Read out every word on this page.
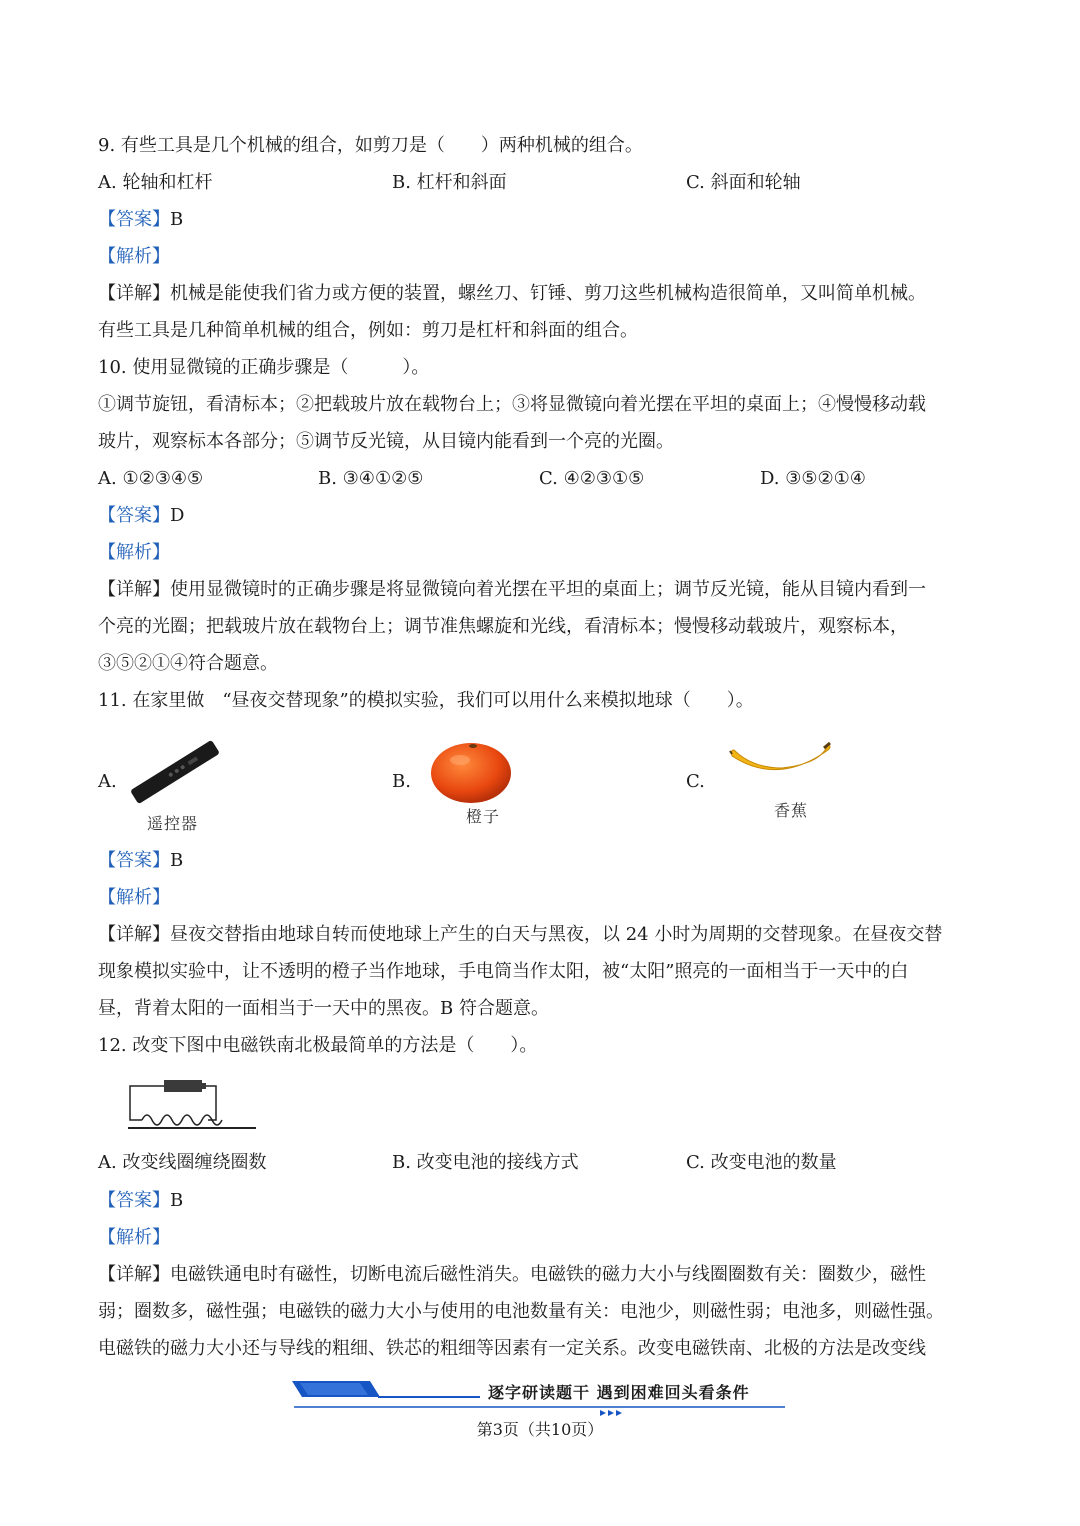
9. 有些工具是几个机械的组合，如剪刀是（　　）两种机械的组合。
A. 轮轴和杠杆	B. 杠杆和斜面	C. 斜面和轮轴
【答案】B
【解析】
【详解】机械是能使我们省力或方便的装置，螺丝刀、钉锤、剪刀这些机械构造很简单，又叫简单机械。
有些工具是几种简单机械的组合，例如：剪刀是杠杆和斜面的组合。
10. 使用显微镜的正确步骤是（　　　）。
①调节旋钮，看清标本；②把载玻片放在载物台上；③将显微镜向着光摆在平坦的桌面上；④慢慢移动载
玻片，观察标本各部分；⑤调节反光镜，从目镜内能看到一个亮的光圈。
A. ①②③④⑤	B. ③④①②⑤	C. ④②③①⑤	D. ③⑤②①④
【答案】D
【解析】
【详解】使用显微镜时的正确步骤是将显微镜向着光摆在平坦的桌面上；调节反光镜，能从目镜内看到一
个亮的光圈；把载玻片放在载物台上；调节准焦螺旋和光线，看清标本；慢慢移动载玻片，观察标本，
③⑤②①④符合题意。
11. 在家里做　“昼夜交替现象”的模拟实验，我们可以用什么来模拟地球（　　）。
A.
遥控器
B.
橙子
C.
香蕉
【答案】B
【解析】
【详解】昼夜交替指由地球自转而使地球上产生的白天与黑夜，以 24 小时为周期的交替现象。在昼夜交替
现象模拟实验中，让不透明的橙子当作地球，手电筒当作太阳，被“太阳”照亮的一面相当于一天中的白
昼，背着太阳的一面相当于一天中的黑夜。B 符合题意。
12. 改变下图中电磁铁南北极最简单的方法是（　　）。
A. 改变线圈缠绕圈数	B. 改变电池的接线方式	C. 改变电池的数量
【答案】B
【解析】
【详解】电磁铁通电时有磁性，切断电流后磁性消失。电磁铁的磁力大小与线圈圈数有关：圈数少，磁性
弱；圈数多，磁性强；电磁铁的磁力大小与使用的电池数量有关：电池少，则磁性弱；电池多，则磁性强。
电磁铁的磁力大小还与导线的粗细、铁芯的粗细等因素有一定关系。改变电磁铁南、北极的方法是改变线
逐字研读题干 遇到困难回头看条件
第3页（共10页）
